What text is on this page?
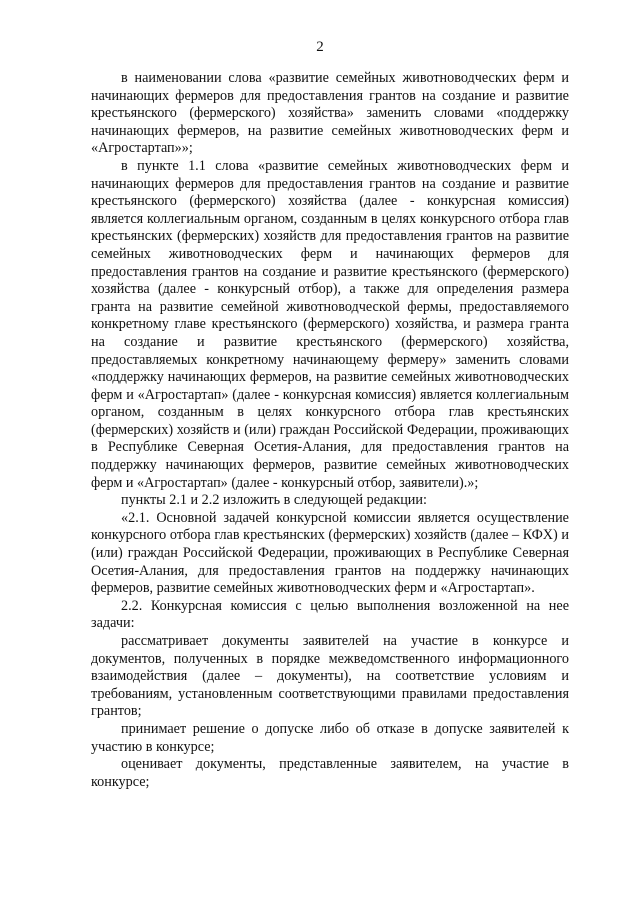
2

в наименовании слова «развитие семейных животноводческих ферм и начинающих фермеров для предоставления грантов на создание и развитие крестьянского (фермерского) хозяйства» заменить словами «поддержку начинающих фермеров, на развитие семейных животноводческих ферм и «Агростартап»»;

в пункте 1.1 слова «развитие семейных животноводческих ферм и начинающих фермеров для предоставления грантов на создание и развитие крестьянского (фермерского) хозяйства (далее - конкурсная комиссия) является коллегиальным органом, созданным в целях конкурсного отбора глав крестьянских (фермерских) хозяйств для предоставления грантов на развитие семейных животноводческих ферм и начинающих фермеров для предоставления грантов на создание и развитие крестьянского (фермерского) хозяйства (далее - конкурсный отбор), а также для определения размера гранта на развитие семейной животноводческой фермы, предоставляемого конкретному главе крестьянского (фермерского) хозяйства, и размера гранта на создание и развитие крестьянского (фермерского) хозяйства, предоставляемых конкретному начинающему фермеру» заменить словами «поддержку начинающих фермеров, на развитие семейных животноводческих ферм и «Агростартап» (далее - конкурсная комиссия) является коллегиальным органом, созданным в целях конкурсного отбора глав крестьянских (фермерских) хозяйств и (или) граждан Российской Федерации, проживающих в Республике Северная Осетия-Алания, для предоставления грантов на поддержку начинающих фермеров, развитие семейных животноводческих ферм и «Агростартап» (далее - конкурсный отбор, заявители).»;

пункты 2.1 и 2.2 изложить в следующей редакции:

«2.1. Основной задачей конкурсной комиссии является осуществление конкурсного отбора глав крестьянских (фермерских) хозяйств (далее – КФХ) и (или) граждан Российской Федерации, проживающих в Республике Северная Осетия-Алания, для предоставления грантов на поддержку начинающих фермеров, развитие семейных животноводческих ферм и «Агростартап».

2.2. Конкурсная комиссия с целью выполнения возложенной на нее задачи:

рассматривает документы заявителей на участие в конкурсе и документов, полученных в порядке межведомственного информационного взаимодействия (далее – документы), на соответствие условиям и требованиям, установленным соответствующими правилами предоставления грантов;

принимает решение о допуске либо об отказе в допуске заявителей к участию в конкурсе;

оценивает документы, представленные заявителем, на участие в конкурсе;
